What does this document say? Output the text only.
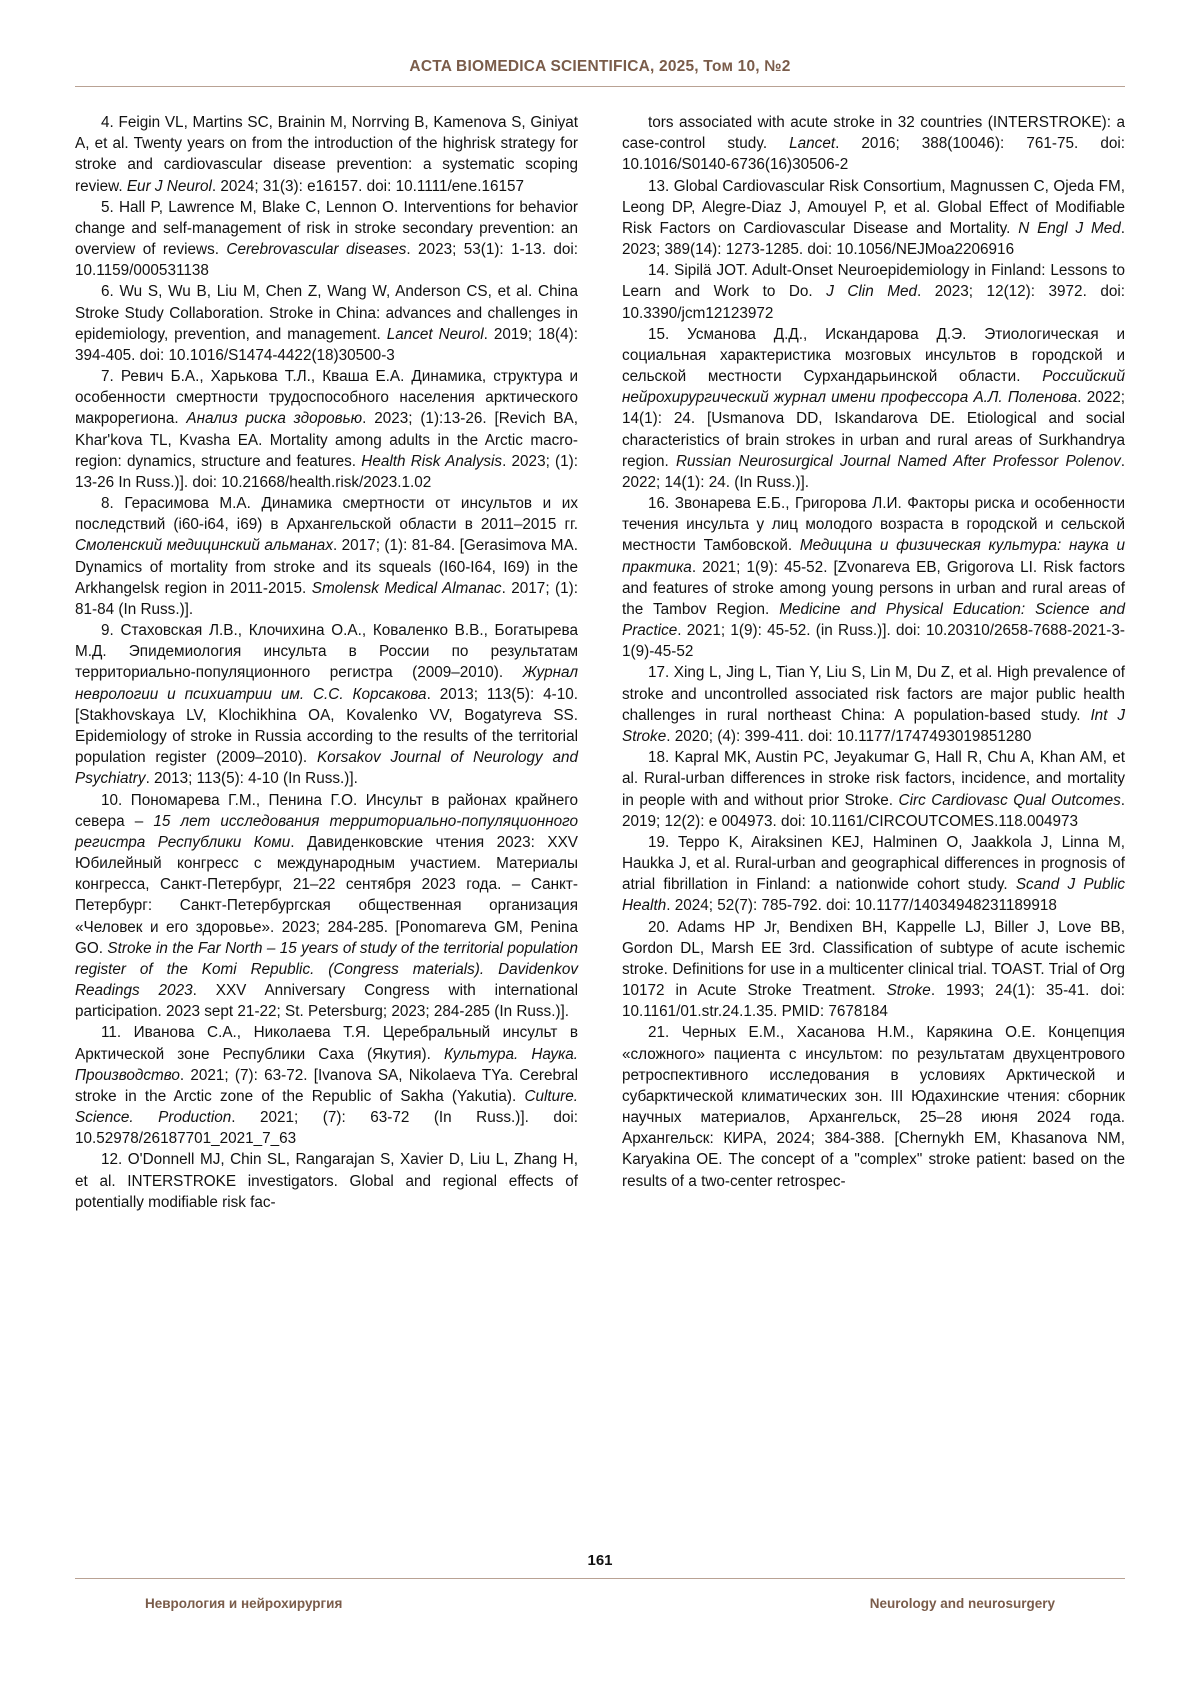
ACTA BIOMEDICA SCIENTIFICA, 2025, Том 10, №2

4. Feigin VL, Martins SC, Brainin M, Norrving B, Kamenova S, Giniyat A, et al. Twenty years on from the introduction of the highrisk strategy for stroke and cardiovascular disease prevention: a systematic scoping review. Eur J Neurol. 2024; 31(3): e16157. doi: 10.1111/ene.16157

5. Hall P, Lawrence M, Blake C, Lennon O. Interventions for behavior change and self-management of risk in stroke secondary prevention: an overview of reviews. Cerebrovascular diseases. 2023; 53(1): 1-13. doi: 10.1159/000531138

6. Wu S, Wu B, Liu M, Chen Z, Wang W, Anderson CS, et al. China Stroke Study Collaboration. Stroke in China: advances and challenges in epidemiology, prevention, and management. Lancet Neurol. 2019; 18(4): 394-405. doi: 10.1016/S1474-4422(18)30500-3

7. Ревич Б.А., Харькова Т.Л., Кваша Е.А. Динамика, структура и особенности смертности трудоспособного населения арктического макрорегиона. Анализ риска здоровью. 2023; (1):13-26. [Revich BA, Khar'kova TL, Kvasha EA. Mortality among adults in the Arctic macro-region: dynamics, structure and features. Health Risk Analysis. 2023; (1): 13-26 In Russ.)]. doi: 10.21668/health.risk/2023.1.02

8. Герасимова М.А. Динамика смертности от инсультов и их последствий (i60-i64, i69) в Архангельской области в 2011–2015 гг. Смоленский медицинский альманах. 2017; (1): 81-84. [Gerasimova MA. Dynamics of mortality from stroke and its squeals (I60-I64, I69) in the Arkhangelsk region in 2011-2015. Smolensk Medical Almanac. 2017; (1): 81-84 (In Russ.)].

9. Стаховская Л.В., Клочихина О.А., Коваленко В.В., Богатырева М.Д. Эпидемиология инсульта в России по результатам территориально-популяционного регистра (2009–2010). Журнал неврологии и психиатрии им. С.С. Корсакова. 2013; 113(5): 4-10. [Stakhovskaya LV, Klochikhina OA, Kovalenko VV, Bogatyreva SS. Epidemiology of stroke in Russia according to the results of the territorial population register (2009–2010). Korsakov Journal of Neurology and Psychiatry. 2013; 113(5): 4-10 (In Russ.)].

10. Пономарева Г.М., Пенина Г.О. Инсульт в районах крайнего севера – 15 лет исследования территориально-популяционного регистра Республики Коми. Давиденковские чтения 2023: XXV Юбилейный конгресс с международным участием. Материалы конгресса, Санкт-Петербург, 21–22 сентября 2023 года. – Санкт-Петербург: Санкт-Петербургская общественная организация «Человек и его здоровье». 2023; 284-285. [Ponomareva GM, Penina GO. Stroke in the Far North – 15 years of study of the territorial population register of the Komi Republic. (Congress materials). Davidenkov Readings 2023. XXV Anniversary Congress with international participation. 2023 sept 21-22; St. Petersburg; 2023; 284-285 (In Russ.)].

11. Иванова С.А., Николаева Т.Я. Церебральный инсульт в Арктической зоне Республики Саха (Якутия). Культура. Наука. Производство. 2021; (7): 63-72. [Ivanova SA, Nikolaeva TYa. Cerebral stroke in the Arctic zone of the Republic of Sakha (Yakutia). Culture. Science. Production. 2021; (7): 63-72 (In Russ.)]. doi: 10.52978/26187701_2021_7_63

12. O'Donnell MJ, Chin SL, Rangarajan S, Xavier D, Liu L, Zhang H, et al. INTERSTROKE investigators. Global and regional effects of potentially modifiable risk fac-

tors associated with acute stroke in 32 countries (INTERSTROKE): a case-control study. Lancet. 2016; 388(10046): 761-75. doi: 10.1016/S0140-6736(16)30506-2

13. Global Cardiovascular Risk Consortium, Magnussen C, Ojeda FM, Leong DP, Alegre-Diaz J, Amouyel P, et al. Global Effect of Modifiable Risk Factors on Cardiovascular Disease and Mortality. N Engl J Med. 2023; 389(14): 1273-1285. doi: 10.1056/NEJMoa2206916

14. Sipilä JOT. Adult-Onset Neuroepidemiology in Finland: Lessons to Learn and Work to Do. J Clin Med. 2023; 12(12): 3972. doi: 10.3390/jcm12123972

15. Усманова Д.Д., Искандарова Д.Э. Этиологическая и социальная характеристика мозговых инсультов в городской и сельской местности Сурхандарьинской области. Российский нейрохирургический журнал имени профессора А.Л. Поленова. 2022; 14(1): 24. [Usmanova DD, Iskandarova DE. Etiological and social characteristics of brain strokes in urban and rural areas of Surkhandrya region. Russian Neurosurgical Journal Named After Professor Polenov. 2022; 14(1): 24. (In Russ.)].

16. Звонарева Е.Б., Григорова Л.И. Факторы риска и особенности течения инсульта у лиц молодого возраста в городской и сельской местности Тамбовской. Медицина и физическая культура: наука и практика. 2021; 1(9): 45-52. [Zvonareva EB, Grigorova LI. Risk factors and features of stroke among young persons in urban and rural areas of the Tambov Region. Medicine and Physical Education: Science and Practice. 2021; 1(9): 45-52. (in Russ.)]. doi: 10.20310/2658-7688-2021-3-1(9)-45-52

17. Xing L, Jing L, Tian Y, Liu S, Lin M, Du Z, et al. High prevalence of stroke and uncontrolled associated risk factors are major public health challenges in rural northeast China: A population-based study. Int J Stroke. 2020; (4): 399-411. doi: 10.1177/1747493019851280

18. Kapral MK, Austin PC, Jeyakumar G, Hall R, Chu A, Khan AM, et al. Rural-urban differences in stroke risk factors, incidence, and mortality in people with and without prior Stroke. Circ Cardiovasc Qual Outcomes. 2019; 12(2): e 004973. doi: 10.1161/CIRCOUTCOMES.118.004973

19. Teppo K, Airaksinen KEJ, Halminen O, Jaakkola J, Linna M, Haukka J, et al. Rural-urban and geographical differences in prognosis of atrial fibrillation in Finland: a nationwide cohort study. Scand J Public Health. 2024; 52(7): 785-792. doi: 10.1177/14034948231189918

20. Adams HP Jr, Bendixen BH, Kappelle LJ, Biller J, Love BB, Gordon DL, Marsh EE 3rd. Classification of subtype of acute ischemic stroke. Definitions for use in a multicenter clinical trial. TOAST. Trial of Org 10172 in Acute Stroke Treatment. Stroke. 1993; 24(1): 35-41. doi: 10.1161/01.str.24.1.35. PMID: 7678184

21. Черных Е.М., Хасанова Н.М., Карякина О.Е. Концепция «сложного» пациента с инсультом: по результатам двухцентрового ретроспективного исследования в условиях Арктической и субарктической климатических зон. III Юдахинские чтения: сборник научных материалов, Архангельск, 25–28 июня 2024 года. Архангельск: КИРА, 2024; 384-388. [Chernykh EM, Khasanova NM, Karyakina OE. The concept of a "complex" stroke patient: based on the results of a two-center retrospec-

161
Неврология и нейрохирургия	Neurology and neurosurgery
